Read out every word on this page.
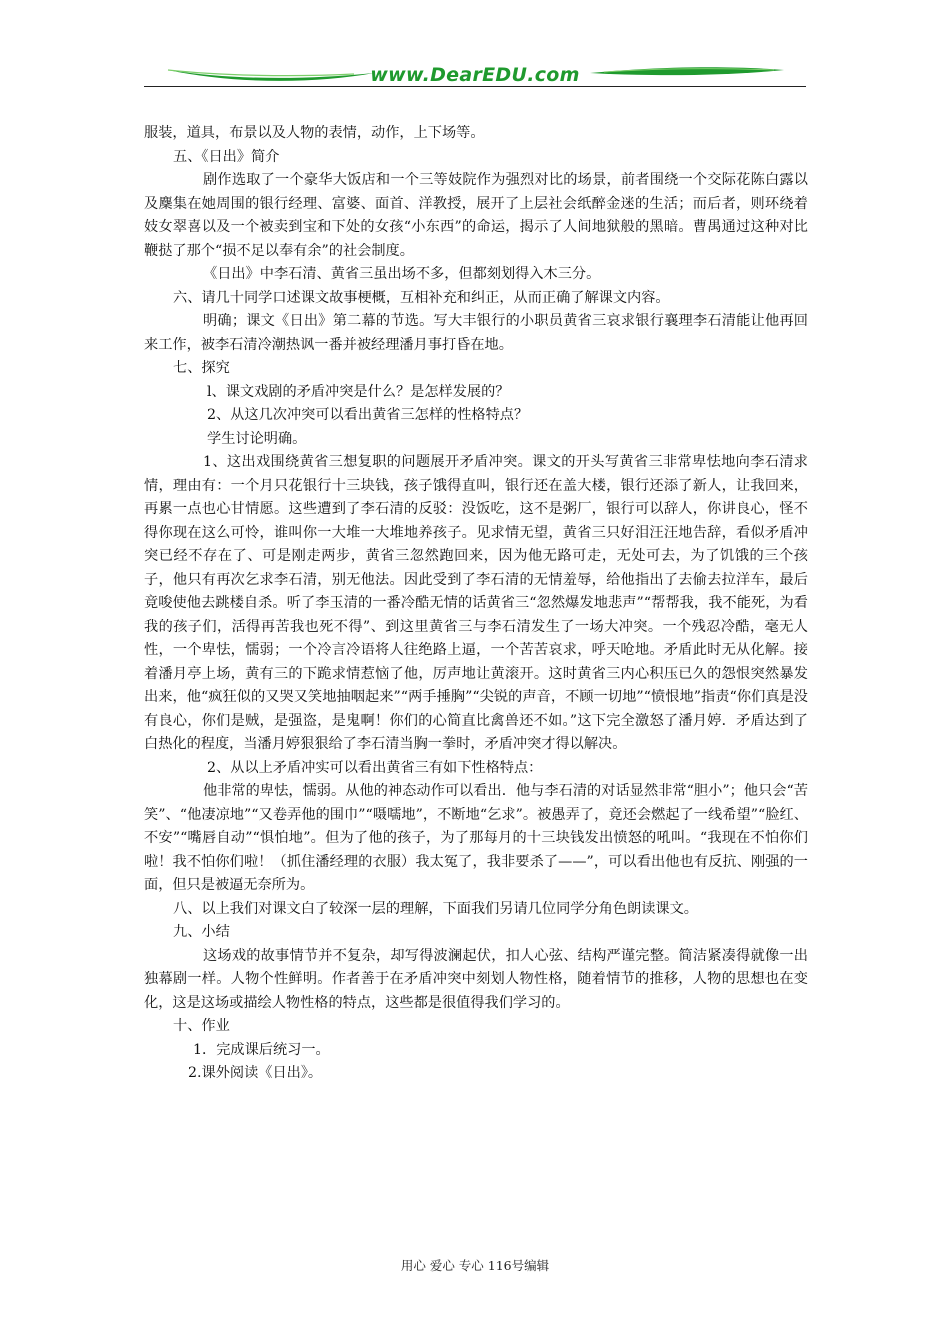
www.DearEDU.com

服装，道具，布景以及人物的表情，动作，上下场等。

五、《日出》简介

剧作选取了一个豪华大饭店和一个三等妓院作为强烈对比的场景，前者围绕一个交际花陈白露以及麇集在她周围的银行经理、富婆、面首、洋教授，展开了上层社会纸醉金迷的生活；而后者，则环绕着妓女翠喜以及一个被卖到宝和下处的女孩“小东西”的命运，揭示了人间地狱般的黑暗。曹禺通过这种对比鞭挞了那个“损不足以奉有余”的社会制度。

《日出》中李石清、黄省三虽出场不多，但都刻划得入木三分。

六、请几十同学口述课文故事梗概，互相补充和纠正，从而正确了解课文内容。

明确；课文《日出》第二幕的节选。写大丰银行的小职员黄省三哀求银行襄理李石清能让他再回来工作，被李石清冷潮热讽一番并被经理潘月事打昏在地。

七、探究

l、课文戏剧的矛盾冲突是什么？是怎样发展的？

2、从这几次冲突可以看出黄省三怎样的性格特点？

学生讨论明确。

1、这出戏围绕黄省三想复职的问题展开矛盾冲突。课文的开头写黄省三非常卑怯地向李石清求情，理由有：一个月只花银行十三块钱，孩子饿得直叫，银行还在盖大楼，银行还添了新人，让我回来，再累一点也心甘情愿。这些遭到了李石清的反驳：没饭吃，这不是粥厂，银行可以辞人，你讲良心，怪不得你现在这么可怜，谁叫你一大堆一大堆地养孩子。见求情无望，黄省三只好泪汪汪地告辞，看似矛盾冲突已经不存在了、可是刚走两步，黄省三忽然跑回来，因为他无路可走，无处可去，为了饥饿的三个孩子，他只有再次乞求李石清，别无他法。因此受到了李石清的无情羞辱，给他指出了去偷去拉洋车，最后竟唆使他去跳楼自杀。听了李玉清的一番冷酷无情的话黄省三“忽然爆发地悲声”“帮帮我，我不能死，为看我的孩子们，活得再苦我也死不得”、到这里黄省三与李石清发生了一场大冲突。一个残忍冷酷，毫无人性，一个卑怯，懦弱；一个冷言冷语将人往绝路上逼，一个苦苦哀求，呼天呛地。矛盾此时无从化解。接着潘月亭上场，黄有三的下跪求情惹恼了他，厉声地让黄滚开。这时黄省三内心积压已久的怨恨突然暴发出来，他“疯狂似的又哭又笑地抽咽起来”“两手捶胸”“尖锐的声音，不顾一切地”“愤恨地”指责“你们真是没有良心，你们是贼，是强盗，是鬼啊！你们的心简直比禽兽还不如。”这下完全激怒了潘月婷．矛盾达到了白热化的程度，当潘月婷狠狠给了李石清当胸一拳时，矛盾冲突才得以解决。

2、从以上矛盾冲实可以看出黄省三有如下性格特点：

他非常的卑怯，懦弱。从他的神态动作可以看出．他与李石清的对话显然非常“胆小”；他只会“苦笑”、“他凄凉地”“又卷弄他的围巾”“嗫嚅地”，不断地“乞求”。被愚弄了，竟还会燃起了一线希望”“脸红、不安”“嘴唇自动”“惧怕地”。但为了他的孩子，为了那每月的十三块钱发出愤怒的吼叫。“我现在不怕你们啦！我不怕你们啦！（抓住潘经理的衣服）我太冤了，我非要杀了——”，可以看出他也有反抗、刚强的一面，但只是被逼无奈所为。

八、以上我们对课文白了较深一层的理解，下面我们另请几位同学分角色朗读课文。

九、小结

这场戏的故事情节并不复杂，却写得波澜起伏，扣人心弦、结构严谨完整。简洁紧凑得就像一出独幕剧一样。人物个性鲜明。作者善于在矛盾冲突中刻划人物性格，随着情节的推移，人物的思想也在变化，这是这场或描绘人物性格的特点，这些都是很值得我们学习的。

十、作业

1．完成课后统习一。

2.课外阅读《日出》。

用心 爱心 专心 116号编辑
